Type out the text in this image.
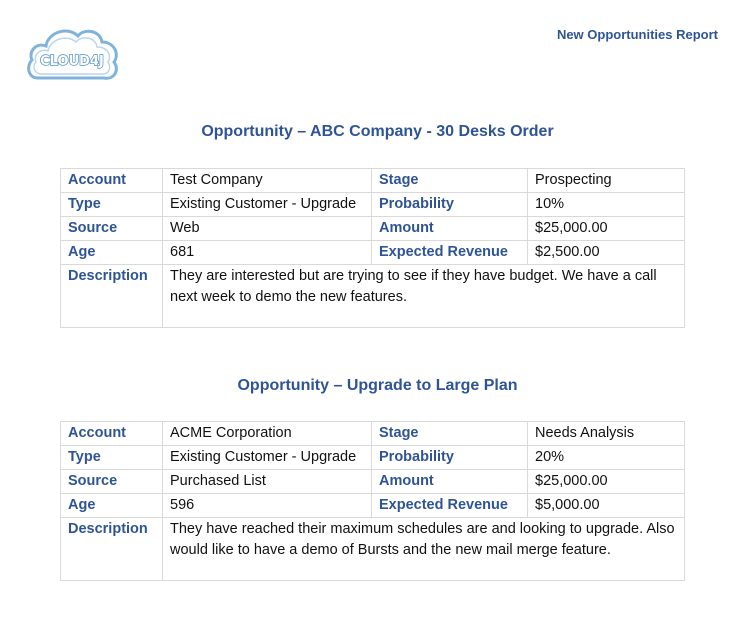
CLOUD4J
New Opportunities Report
Opportunity – ABC Company - 30 Desks Order
Account	Test Company	Stage	Prospecting
Type	Existing Customer - Upgrade	Probability	10%
Source	Web	Amount	$25,000.00
Age	681	Expected Revenue	$2,500.00
Description	They are interested but are trying to see if they have budget. We have a call next week to demo the new features.		
Opportunity – Upgrade to Large Plan
Account	ACME Corporation	Stage	Needs Analysis
Type	Existing Customer - Upgrade	Probability	20%
Source	Purchased List	Amount	$25,000.00
Age	596	Expected Revenue	$5,000.00
Description	They have reached their maximum schedules are and looking to upgrade. Also would like to have a demo of Bursts and the new mail merge feature.		
